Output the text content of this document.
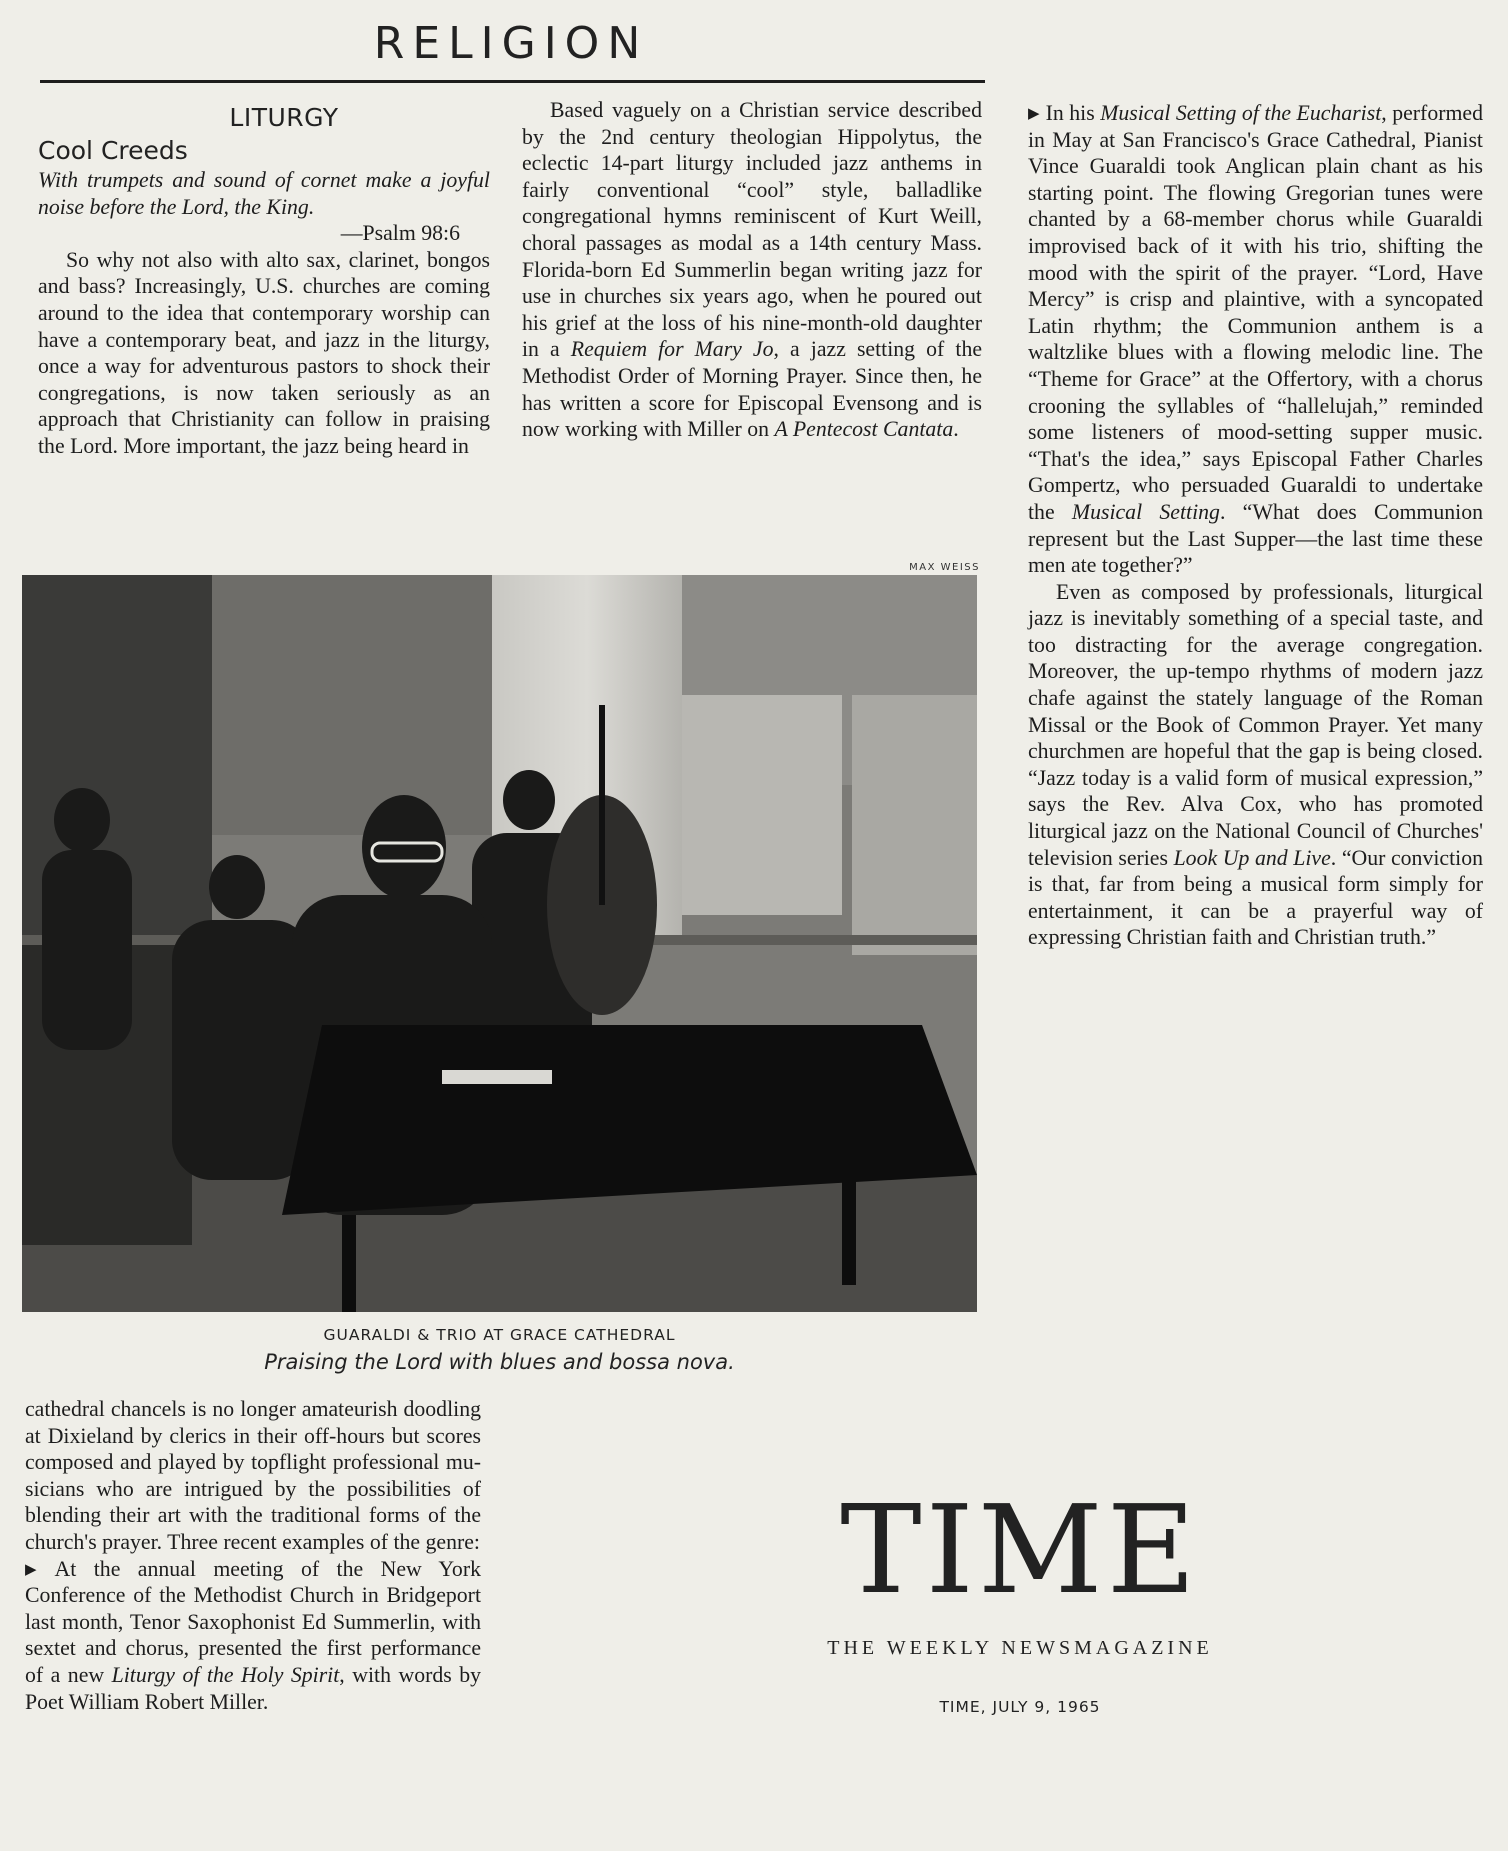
RELIGION
LITURGY
Cool Creeds

With trumpets and sound of cornet make a joyful noise before the Lord, the King.

—Psalm 98:6

So why not also with alto sax, clarinet, bongos and bass? Increasingly, U.S. churches are coming around to the idea that contemporary worship can have a contemporary beat, and jazz in the liturgy, once a way for adventurous pastors to shock their congregations, is now taken seriously as an approach that Christianity can follow in praising the Lord. More important, the jazz being heard in

Based vaguely on a Christian service described by the 2nd century theologian Hippolytus, the eclectic 14-part liturgy included jazz anthems in fairly conventional “cool” style, balladlike congregational hymns reminiscent of Kurt Weill, choral passages as modal as a 14th century Mass. Florida-born Ed Summerlin began writing jazz for use in churches six years ago, when he poured out his grief at the loss of his nine-month-old daughter in a Requiem for Mary Jo, a jazz setting of the Methodist Order of Morning Prayer. Since then, he has written a score for Episcopal Evensong and is now working with Miller on A Pentecost Cantata.

MAX WEISS
GUARALDI & TRIO AT GRACE CATHEDRAL
Praising the Lord with blues and bossa nova.

▶ In his Musical Setting of the Eucharist, performed in May at San Francisco's Grace Cathedral, Pianist Vince Guaraldi took Anglican plain chant as his starting point. The flowing Gregorian tunes were chanted by a 68-member chorus while Guaraldi improvised back of it with his trio, shifting the mood with the spirit of the prayer. “Lord, Have Mercy” is crisp and plaintive, with a syncopated Latin rhythm; the Communion anthem is a waltzlike blues with a flowing melodic line. The “Theme for Grace” at the Offertory, with a chorus crooning the syllables of “hallelujah,” reminded some listeners of mood-setting supper music. “That's the idea,” says Episcopal Father Charles Gompertz, who persuaded Guaraldi to undertake the Musical Setting. “What does Communion represent but the Last Supper—the last time these men ate together?”

Even as composed by professionals, liturgical jazz is inevitably something of a special taste, and too distracting for the average congregation. Moreover, the up-tempo rhythms of modern jazz chafe against the stately language of the Roman Missal or the Book of Common Prayer. Yet many churchmen are hopeful that the gap is being closed. “Jazz today is a valid form of musical expression,” says the Rev. Alva Cox, who has promoted liturgical jazz on the National Council of Churches' television series Look Up and Live. “Our conviction is that, far from being a musical form simply for entertainment, it can be a prayerful way of expressing Christian faith and Christian truth.”

cathedral chancels is no longer amateurish doodling at Dixieland by clerics in their off-hours but scores composed and played by topflight professional musicians who are intrigued by the possibilities of blending their art with the traditional forms of the church's prayer. Three recent examples of the genre:

▶ At the annual meeting of the New York Conference of the Methodist Church in Bridgeport last month, Tenor Saxophonist Ed Summerlin, with sextet and chorus, presented the first performance of a new Liturgy of the Holy Spirit, with words by Poet William Robert Miller.

TIME
THE WEEKLY NEWSMAGAZINE
TIME, JULY 9, 1965
